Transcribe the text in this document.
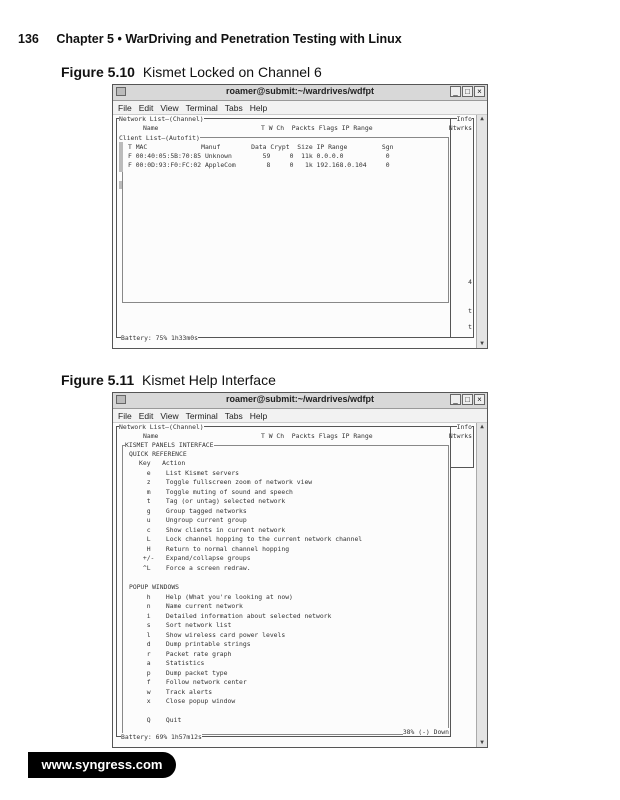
136 Chapter 5 • WarDriving and Penetration Testing with Linux
Figure 5.10 Kismet Locked on Channel 6
roamer@submit:~/wardrives/wdfpt	_ □ ×
File Edit View Terminal Tabs Help
Network List—(Channel)	Info
Ntwrks
Name	T W Ch  Packts Flags IP Range
Client List—(Autofit)
T MAC              Manuf        Data Crypt  Size IP Range         Sgn
F 00:40:05:5B:70:85 Unknown        59     0  11k 0.0.0.0           0
F 00:0D:93:F0:FC:02 AppleCom        8     0   1k 192.168.0.104     0
4
t
t
Battery: 75% 1h33m0s
▲
▼
Figure 5.11 Kismet Help Interface
roamer@submit:~/wardrives/wdfpt	_ □ ×
File Edit View Terminal Tabs Help
Network List—(Channel)	Info
Ntwrks
Name	T W Ch  Packts Flags IP Range
KISMET PANELS INTERFACE
QUICK REFERENCE
Key   Action
e    List Kismet servers
z    Toggle fullscreen zoom of network view
m    Toggle muting of sound and speech
t    Tag (or untag) selected network
g    Group tagged networks
u    Ungroup current group
c    Show clients in current network
L    Lock channel hopping to the current network channel
H    Return to normal channel hopping
+/-   Expand/collapse groups
^L    Force a screen redraw.
POPUP WINDOWS
h    Help (What you're looking at now)
n    Name current network
i    Detailed information about selected network
s    Sort network list
l    Show wireless card power levels
d    Dump printable strings
r    Packet rate graph
a    Statistics
p    Dump packet type
f    Follow network center
w    Track alerts
x    Close popup window
Q    Quit
38% (-) Down
Battery: 69% 1h57m12s
▲
▼
www.syngress.com
